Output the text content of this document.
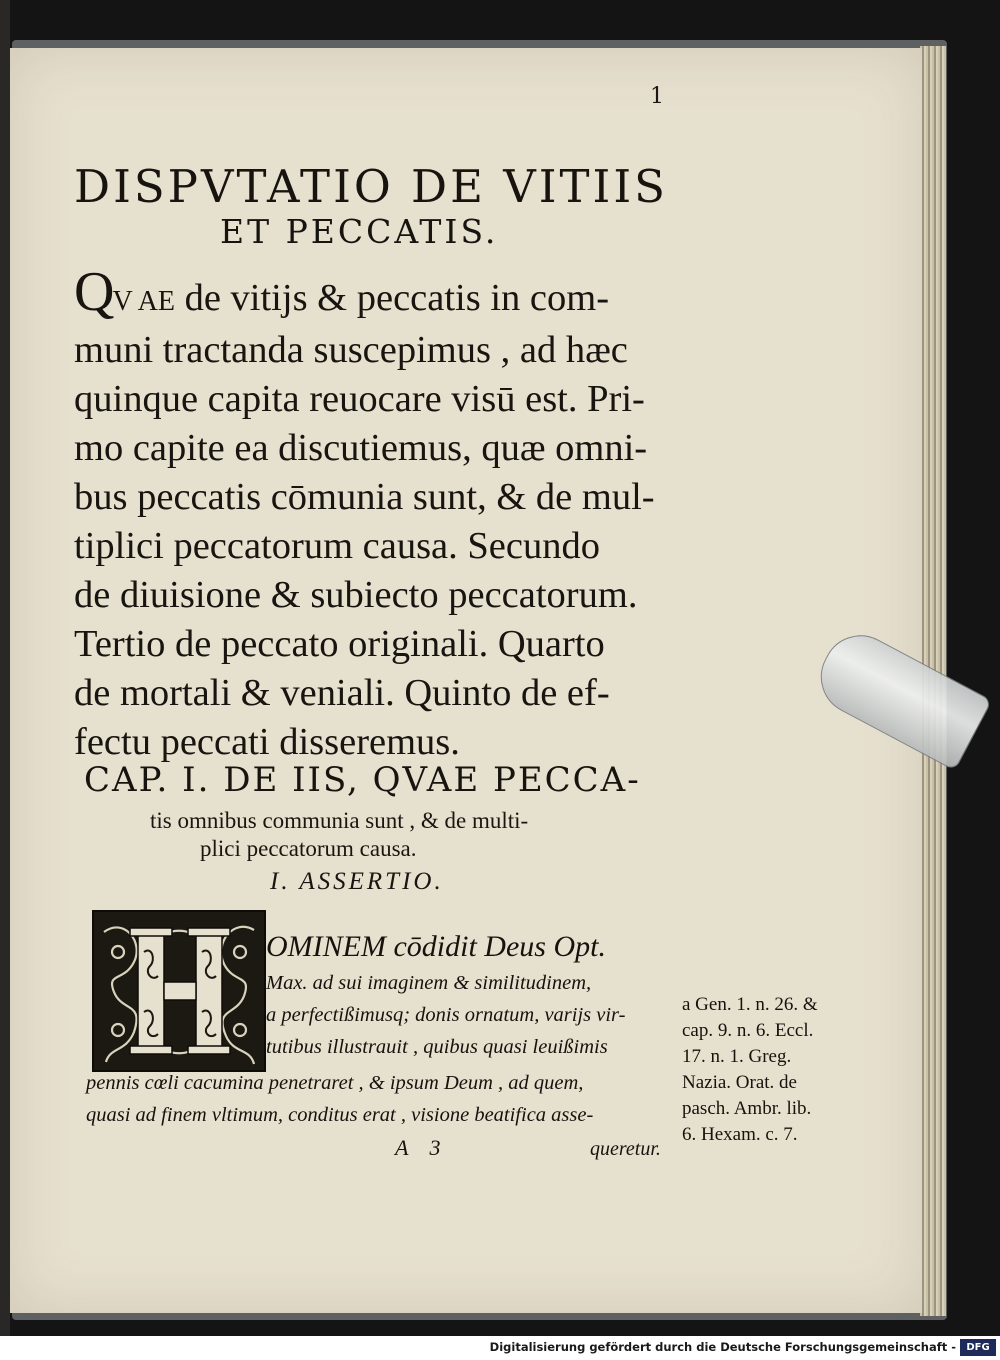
1
DISPVTATIO DE VITIIS
ET PECCATIS.
QV AE de vitijs & peccatis in com-
muni tractanda suscepimus , ad hæc
quinque capita reuocare visū est. Pri-
mo capite ea discutiemus, quæ omni-
bus peccatis cōmunia sunt, & de mul-
tiplici peccatorum causa. Secundo
de diuisione & subiecto peccatorum.
Tertio de peccato originali. Quarto
de mortali & veniali. Quinto de ef-
fectu peccati disseremus.
CAP. I. DE IIS, QVAE PECCA-
tis omnibus communia sunt , & de multi-
plici peccatorum causa.
I. ASSERTIO.
OMINEM cōdidit Deus Opt.
Max. ad sui imaginem & similitudinem,
a perfectißimusq; donis ornatum, varijs vir-
tutibus illustrauit , quibus quasi leuißimis
pennis cœli cacumina penetraret , & ipsum Deum , ad quem,
quasi ad finem vltimum, conditus erat , visione beatifica asse-
a Gen. 1. n. 26. &
cap. 9. n. 6. Eccl.
17. n. 1. Greg.
Nazia. Orat. de
pasch. Ambr. lib.
6. Hexam. c. 7.
A 3	queretur.
Digitalisierung gefördert durch die Deutsche Forschungsgemeinschaft -	DFG
